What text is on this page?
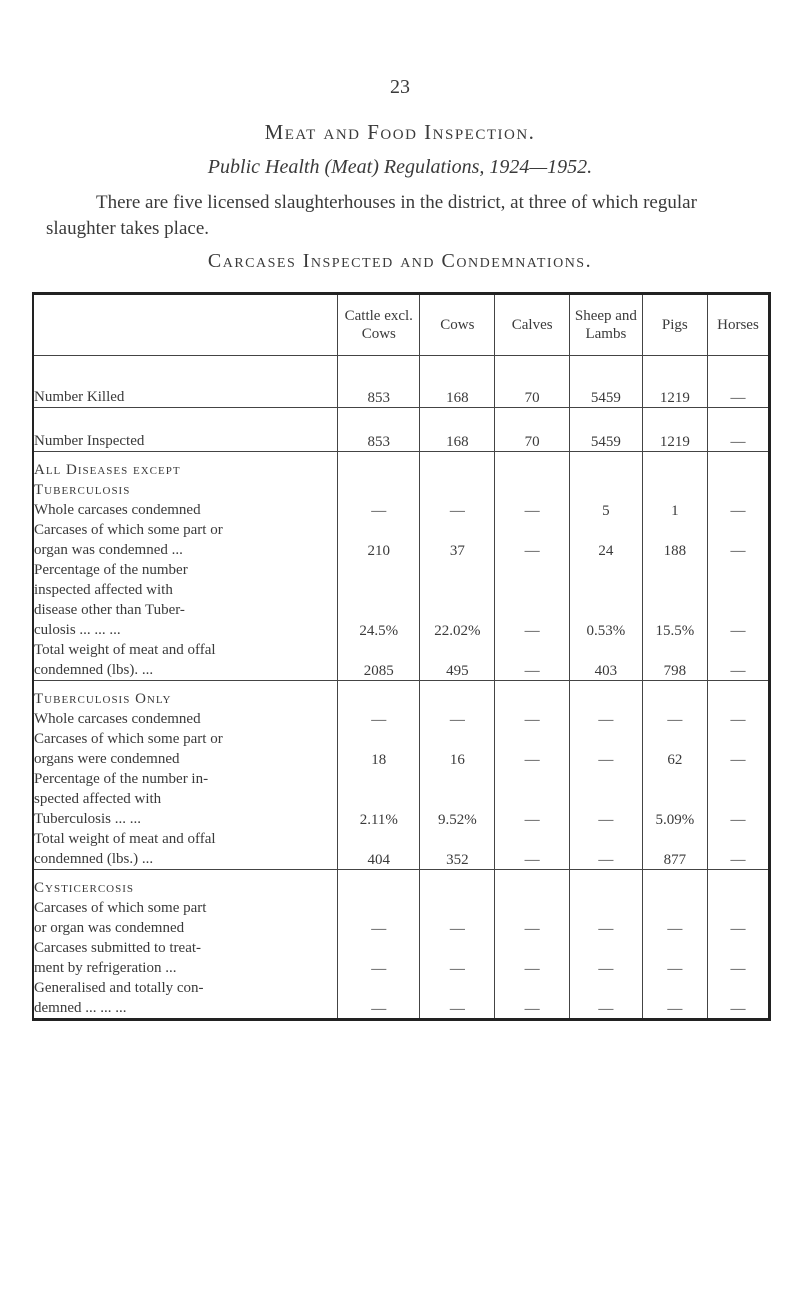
23
Meat and Food Inspection.
Public Health (Meat) Regulations, 1924—1952.
There are five licensed slaughterhouses in the district, at three of which regular slaughter takes place.
Carcases Inspected and Condemnations.
	Cattle excl. Cows	Cows	Calves	Sheep and Lambs	Pigs	Horses

Number Killed	853	168	70	5459	1219	—

Number Inspected	853	168	70	5459	1219	—

All Diseases except
Tuberculosis
Whole carcases condemned	—	—	—	5	1	—

Carcases of which some part or
organ was condemned ...	210	37	—	24	188	—

Percentage of the number
inspected affected with
disease other than Tuber-
culosis ... ... ...	24.5%	22.02%	—	0.53%	15.5%	—

Total weight of meat and offal
condemned (lbs). ...	2085	495	—	403	798	—

Tuberculosis Only
Whole carcases condemned	—	—	—	—	—	—

Carcases of which some part or
organs were condemned	18	16	—	—	62	—

Percentage of the number in-
spected affected with
Tuberculosis ... ...	2.11%	9.52%	—	—	5.09%	—

Total weight of meat and offal
condemned (lbs.) ...	404	352	—	—	877	—

Cysticercosis
Carcases of which some part
or organ was condemned	—	—	—	—	—	—

Carcases submitted to treat-
ment by refrigeration ...	—	—	—	—	—	—

Generalised and totally con-
demned ... ... ...	—	—	—	—	—	—
